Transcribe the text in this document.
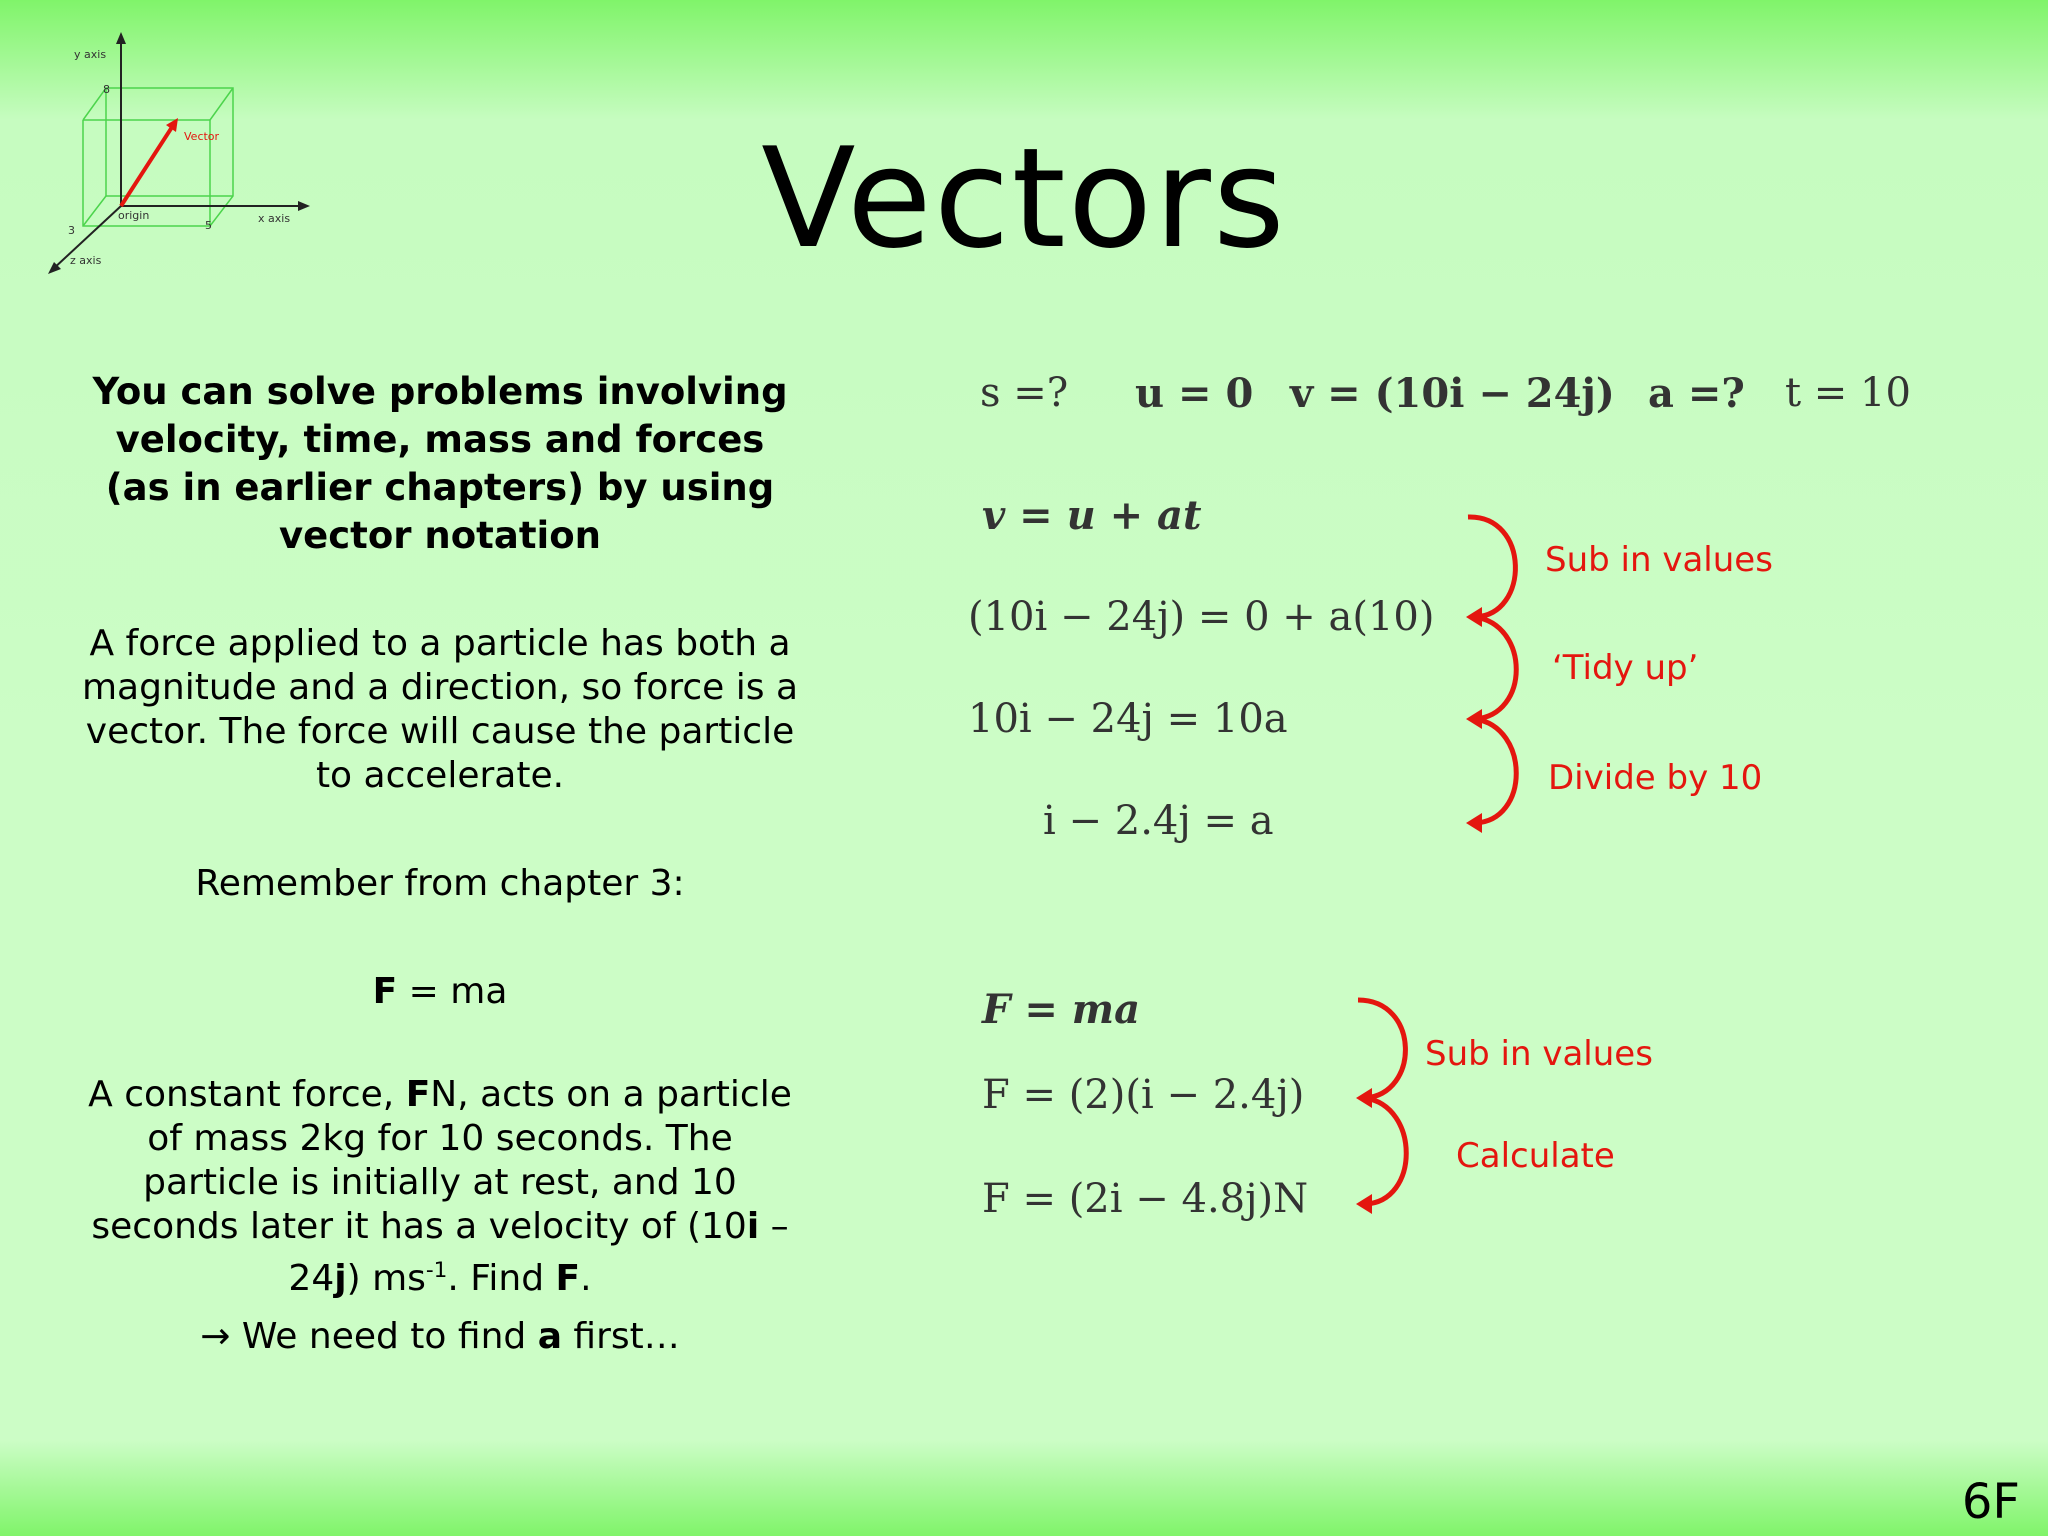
Vectors
y axis
8
Vector
origin
5
x axis
3
z axis
You can solve problems involving velocity, time, mass and forces (as in earlier chapters) by using vector notation
A force applied to a particle has both a magnitude and a direction, so force is a vector. The force will cause the particle to accelerate.
Remember from chapter 3:
F = ma
A constant force, FN, acts on a particle of mass 2kg for 10 seconds. The particle is initially at rest, and 10 seconds later it has a velocity of (10i – 24j) $ms^{-1}$. Find F.
→ We need to find a first…
s =? u = 0 v = (10i − 24j) a =? t = 10
v = u + at
(10i − 24j) = 0 + a(10)
10i − 24j = 10a
i − 2.4j = a
Sub in values
‘Tidy up’
Divide by 10
F = ma
F = (2)(i − 2.4j)
F = (2i − 4.8j)N
Sub in values
Calculate
6F
